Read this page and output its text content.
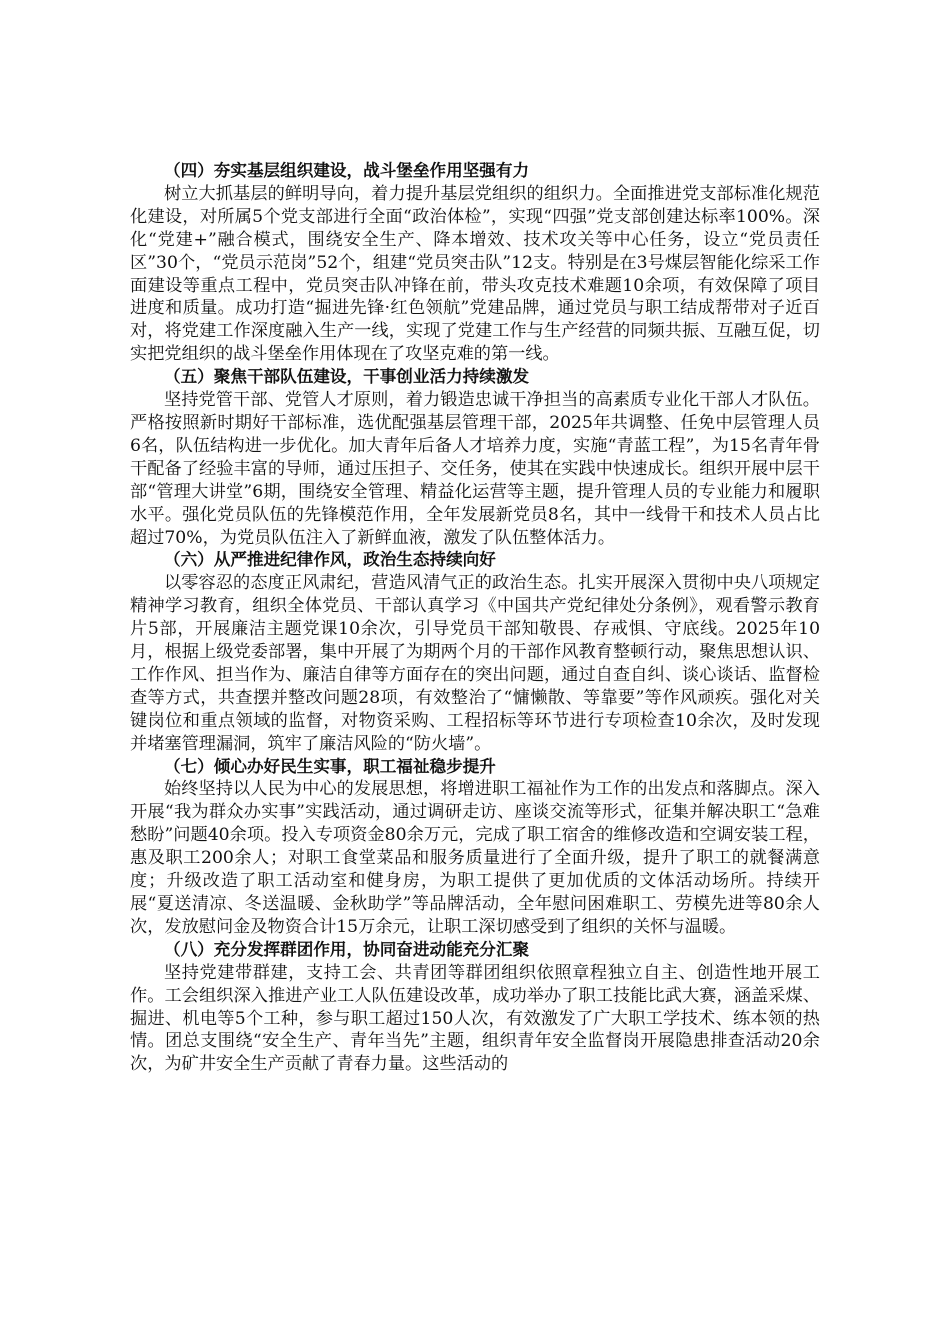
（四）夯实基层组织建设，战斗堡垒作用坚强有力

树立大抓基层的鲜明导向，着力提升基层党组织的组织力。全面推进党支部标准化规范化建设，对所属5个党支部进行全面“政治体检”，实现“四强”党支部创建达标率100%。深化“党建+”融合模式，围绕安全生产、降本增效、技术攻关等中心任务，设立“党员责任区”30个，“党员示范岗”52个，组建“党员突击队”12支。特别是在3号煤层智能化综采工作面建设等重点工程中，党员突击队冲锋在前，带头攻克技术难题10余项，有效保障了项目进度和质量。成功打造“掘进先锋·红色领航”党建品牌，通过党员与职工结成帮带对子近百对，将党建工作深度融入生产一线，实现了党建工作与生产经营的同频共振、互融互促，切实把党组织的战斗堡垒作用体现在了攻坚克难的第一线。

（五）聚焦干部队伍建设，干事创业活力持续激发

坚持党管干部、党管人才原则，着力锻造忠诚干净担当的高素质专业化干部人才队伍。严格按照新时期好干部标准，选优配强基层管理干部，2025年共调整、任免中层管理人员6名，队伍结构进一步优化。加大青年后备人才培养力度，实施“青蓝工程”，为15名青年骨干配备了经验丰富的导师，通过压担子、交任务，使其在实践中快速成长。组织开展中层干部“管理大讲堂”6期，围绕安全管理、精益化运营等主题，提升管理人员的专业能力和履职水平。强化党员队伍的先锋模范作用，全年发展新党员8名，其中一线骨干和技术人员占比超过70%，为党员队伍注入了新鲜血液，激发了队伍整体活力。

（六）从严推进纪律作风，政治生态持续向好

以零容忍的态度正风肃纪，营造风清气正的政治生态。扎实开展深入贯彻中央八项规定精神学习教育，组织全体党员、干部认真学习《中国共产党纪律处分条例》，观看警示教育片5部，开展廉洁主题党课10余次，引导党员干部知敬畏、存戒惧、守底线。2025年10月，根据上级党委部署，集中开展了为期两个月的干部作风教育整顿行动，聚焦思想认识、工作作风、担当作为、廉洁自律等方面存在的突出问题，通过自查自纠、谈心谈话、监督检查等方式，共查摆并整改问题28项，有效整治了“慵懒散、等靠要”等作风顽疾。强化对关键岗位和重点领域的监督，对物资采购、工程招标等环节进行专项检查10余次，及时发现并堵塞管理漏洞，筑牢了廉洁风险的“防火墙”。

（七）倾心办好民生实事，职工福祉稳步提升

始终坚持以人民为中心的发展思想，将增进职工福祉作为工作的出发点和落脚点。深入开展“我为群众办实事”实践活动，通过调研走访、座谈交流等形式，征集并解决职工“急难愁盼”问题40余项。投入专项资金80余万元，完成了职工宿舍的维修改造和空调安装工程，惠及职工200余人；对职工食堂菜品和服务质量进行了全面升级，提升了职工的就餐满意度；升级改造了职工活动室和健身房，为职工提供了更加优质的文体活动场所。持续开展“夏送清凉、冬送温暖、金秋助学”等品牌活动，全年慰问困难职工、劳模先进等80余人次，发放慰问金及物资合计15万余元，让职工深切感受到了组织的关怀与温暖。

（八）充分发挥群团作用，协同奋进动能充分汇聚

坚持党建带群建，支持工会、共青团等群团组织依照章程独立自主、创造性地开展工作。工会组织深入推进产业工人队伍建设改革，成功举办了职工技能比武大赛，涵盖采煤、掘进、机电等5个工种，参与职工超过150人次，有效激发了广大职工学技术、练本领的热情。团总支围绕“安全生产、青年当先”主题，组织青年安全监督岗开展隐患排查活动20余次，为矿井安全生产贡献了青春力量。这些活动的
